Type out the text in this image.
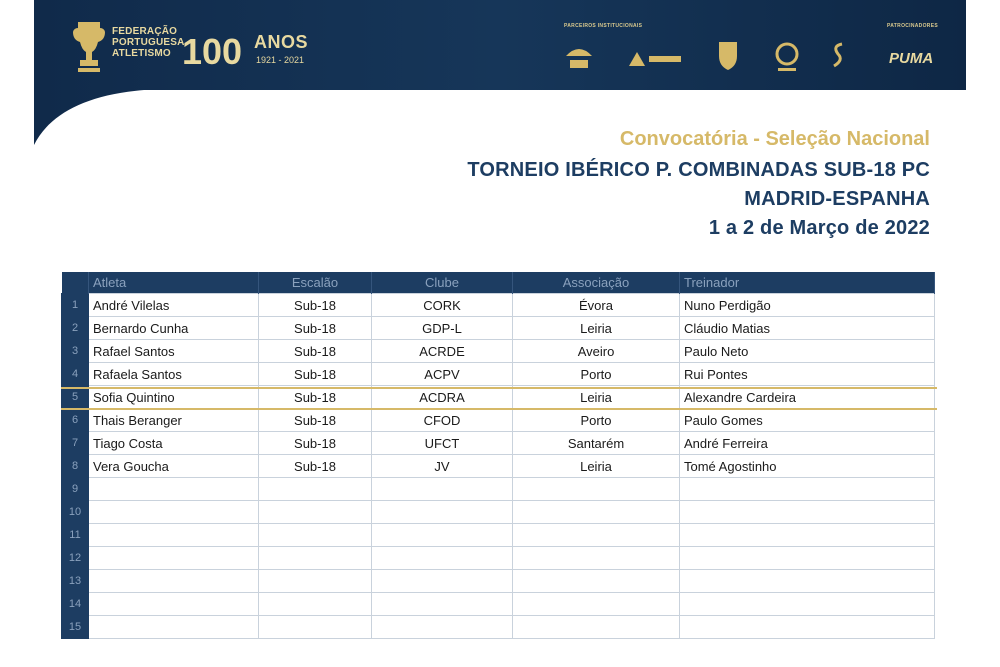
FEDERAÇÃO
PORTUGUESA
ATLETISMO 100 ANOS
1921 - 2021
PARCEIROS INSTITUCIONAIS	PATROCINADORES
PUMA
Convocatória - Seleção Nacional
TORNEIO IBÉRICO P. COMBINADAS SUB-18 PC
MADRID-ESPANHA
1 a 2 de Março de 2022
	Atleta	Escalão	Clube	Associação	Treinador
1	André Vilelas	Sub-18	CORK	Évora	Nuno Perdigão
2	Bernardo Cunha	Sub-18	GDP-L	Leiria	Cláudio Matias
3	Rafael Santos	Sub-18	ACRDE	Aveiro	Paulo Neto
4	Rafaela Santos	Sub-18	ACPV	Porto	Rui Pontes
5	Sofia Quintino	Sub-18	ACDRA	Leiria	Alexandre Cardeira
6	Thais Beranger	Sub-18	CFOD	Porto	Paulo Gomes
7	Tiago Costa	Sub-18	UFCT	Santarém	André Ferreira
8	Vera Goucha	Sub-18	JV	Leiria	Tomé Agostinho
9					
10					
11					
12					
13					
14					
15					
